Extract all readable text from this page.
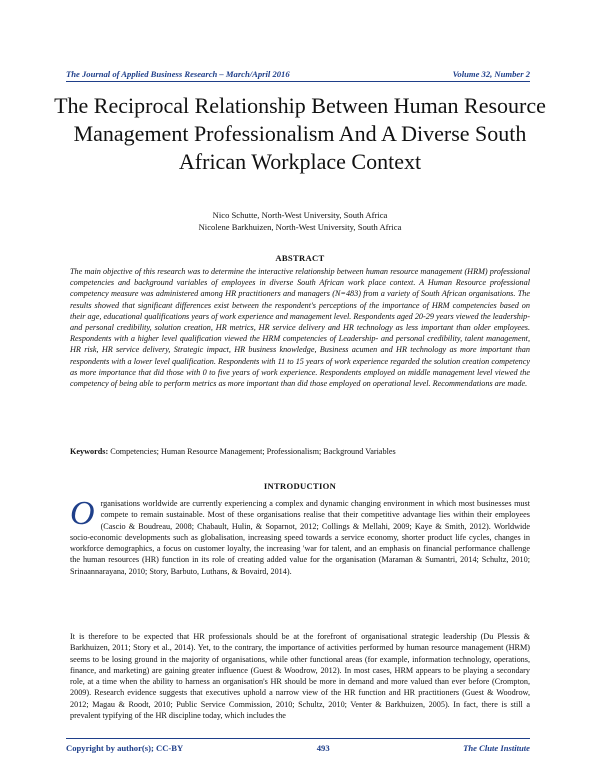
The Journal of Applied Business Research – March/April 2016	Volume 32, Number 2
The Reciprocal Relationship Between Human Resource Management Professionalism And A Diverse South African Workplace Context
Nico Schutte, North-West University, South Africa
Nicolene Barkhuizen, North-West University, South Africa
ABSTRACT
The main objective of this research was to determine the interactive relationship between human resource management (HRM) professional competencies and background variables of employees in diverse South African work place context. A Human Resource professional competency measure was administered among HR practitioners and managers (N=483) from a variety of South African organisations. The results showed that significant differences exist between the respondent's perceptions of the importance of HRM competencies based on their age, educational qualifications years of work experience and management level. Respondents aged 20-29 years viewed the leadership- and personal credibility, solution creation, HR metrics, HR service delivery and HR technology as less important than older employees. Respondents with a higher level qualification viewed the HRM competencies of Leadership- and personal credibility, talent management, HR risk, HR service delivery, Strategic impact, HR business knowledge, Business acumen and HR technology as more important than respondents with a lower level qualification. Respondents with 11 to 15 years of work experience regarded the solution creation competency as more importance that did those with 0 to five years of work experience. Respondents employed on middle management level viewed the competency of being able to perform metrics as more important than did those employed on operational level. Recommendations are made.
Keywords: Competencies; Human Resource Management; Professionalism; Background Variables
INTRODUCTION
Organisations worldwide are currently experiencing a complex and dynamic changing environment in which most businesses must compete to remain sustainable. Most of these organisations realise that their competitive advantage lies within their employees (Cascio & Boudreau, 2008; Chabault, Hulin, & Soparnot, 2012; Collings & Mellahi, 2009; Kaye & Smith, 2012). Worldwide socio-economic developments such as globalisation, increasing speed towards a service economy, shorter product life cycles, changes in workforce demographics, a focus on customer loyalty, the increasing 'war for talent, and an emphasis on financial performance challenge the human resources (HR) function in its role of creating added value for the organisation (Maraman & Sumantri, 2014; Schultz, 2010; Srinaannarayana, 2010; Story, Barbuto, Luthans, & Bovaird, 2014).
It is therefore to be expected that HR professionals should be at the forefront of organisational strategic leadership (Du Plessis & Barkhuizen, 2011; Story et al., 2014). Yet, to the contrary, the importance of activities performed by human resource management (HRM) seems to be losing ground in the majority of organisations, while other functional areas (for example, information technology, operations, finance, and marketing) are gaining greater influence (Guest & Woodrow, 2012). In most cases, HRM appears to be playing a secondary role, at a time when the ability to harness an organisation's HR should be more in demand and more valued than ever before (Crompton, 2009). Research evidence suggests that executives uphold a narrow view of the HR function and HR practitioners (Guest & Woodrow, 2012; Magau & Roodt, 2010; Public Service Commission, 2010; Schultz, 2010; Venter & Barkhuizen, 2005). In fact, there is still a prevalent typifying of the HR discipline today, which includes the
Copyright by author(s); CC-BY	493	The Clute Institute
